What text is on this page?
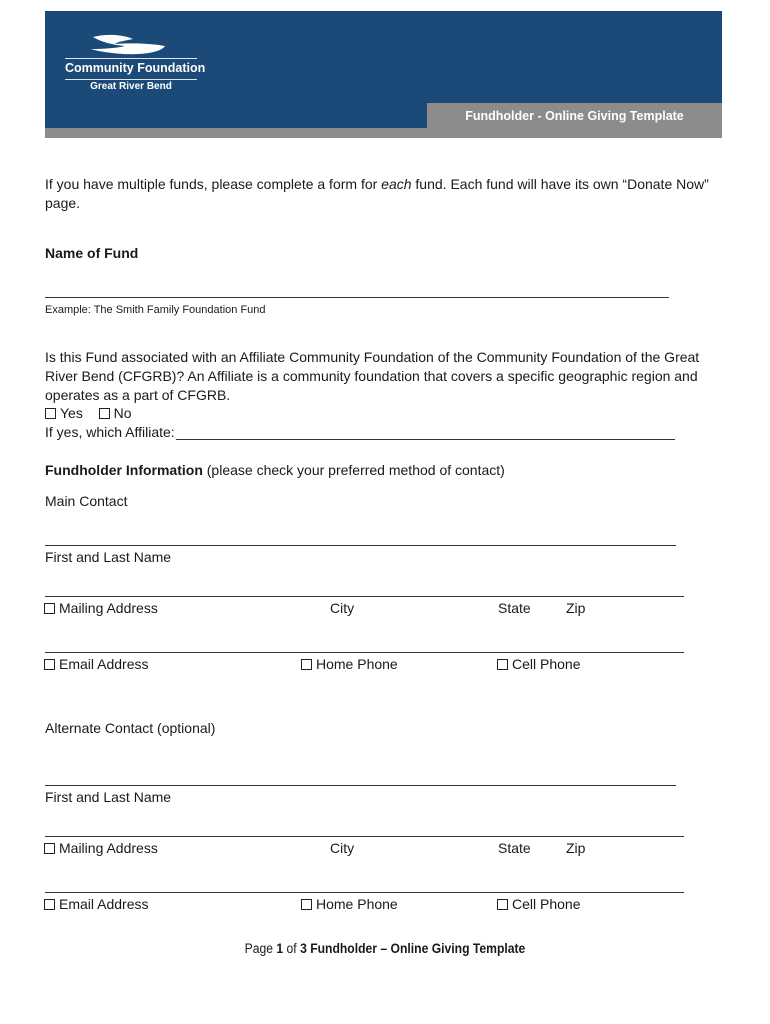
Fundholder - Online Giving Template
Community Foundation
Great River Bend
If you have multiple funds, please complete a form for each fund. Each fund will have its own “Donate Now” page.
Name of Fund
Example: The Smith Family Foundation Fund
Is this Fund associated with an Affiliate Community Foundation of the Community Foundation of the Great River Bend (CFGRB)? An Affiliate is a community foundation that covers a specific geographic region and operates as a part of CFGRB.
Yes No
If yes, which Affiliate:
Fundholder Information (please check your preferred method of contact)
Main Contact
First and Last Name
Mailing Address	City	State	Zip
Email Address	Home Phone	Cell Phone
Alternate Contact (optional)
First and Last Name
Mailing Address	City	State	Zip
Email Address	Home Phone	Cell Phone
Page 1 of 3 Fundholder – Online Giving Template
